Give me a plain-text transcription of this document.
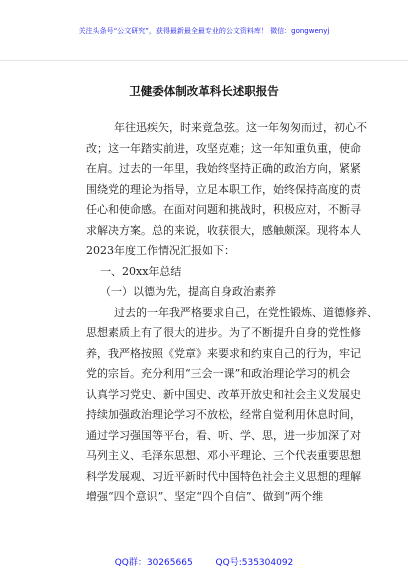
关注头条号“公文研究”，获得最新最全最专业的公文资料库！ 微信：gongwenyj
卫健委体制改革科长述职报告
年往迅疾矢，时来竟急弦。这一年匆匆而过，初心不
改；这一年踏实前进，攻坚克难；这一年知重负重，使命
在肩。过去的一年里，我始终坚持正确的政治方向，紧紧
围绕党的理论为指导，立足本职工作，始终保持高度的责
任心和使命感。在面对问题和挑战时，积极应对，不断寻
求解决方案。总的来说，收获很大，感触颇深。现将本人
2023年度工作情况汇报如下：
一、20xx年总结
（一）以德为先，提高自身政治素养
过去的一年我严格要求自己，在党性锻炼、道德修养、
思想素质上有了很大的进步。为了不断提升自身的党性修
养，我严格按照《党章》来要求和约束自己的行为，牢记
党的宗旨。充分利用“三会一课”和政治理论学习的机会
认真学习党史、新中国史、改革开放史和社会主义发展史
持续加强政治理论学习不放松，经常自觉利用休息时间，
通过学习强国等平台，看、听、学、思，进一步加深了对
马列主义、毛泽东思想、邓小平理论、三个代表重要思想
科学发展观、习近平新时代中国特色社会主义思想的理解
增强“四个意识”、坚定“四个自信”、做到“两个维
QQ群：30265665	QQ号:535304092
